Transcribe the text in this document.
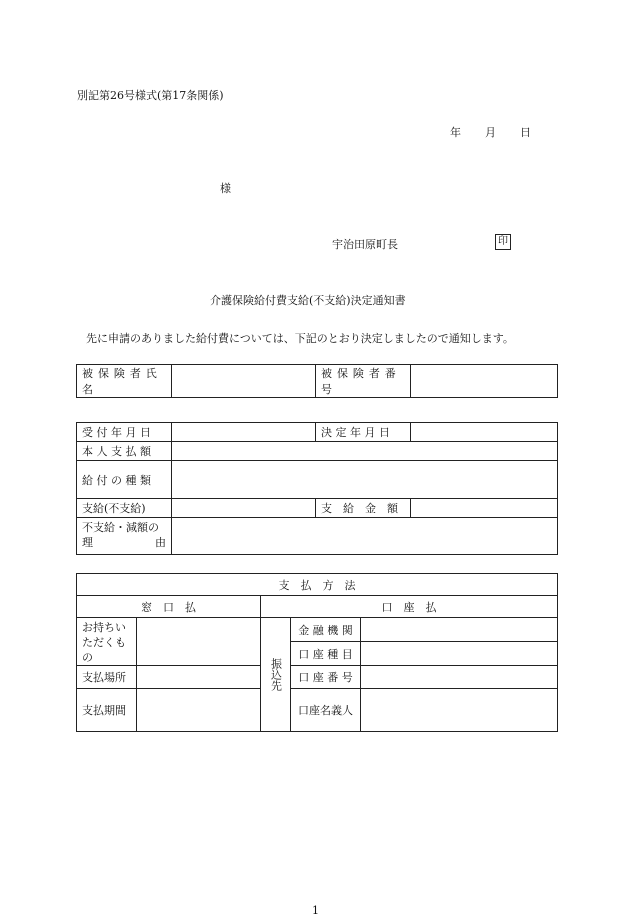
別記第26号様式(第17条関係)
年 月 日
様
宇治田原町長	印
介護保険給付費支給(不支給)決定通知書
先に申請のありました給付費については、下記のとおり決定しましたので通知します。
被保険者氏名		被保険者番号	
受 付 年 月 日		決 定 年 月 日	
本 人 支 払 額			
給 付 の 種 類			
支給(不支給)		支　給　金　額	

不支給・減額の
理 由			

支　払　方　法				
窓　口　払		口　座　払		
お持ちいただくもの		振込先	金 融 機 関	
			口 座 種 目	
支払場所			口 座 番 号	
支払期間			口座名義人	
1
